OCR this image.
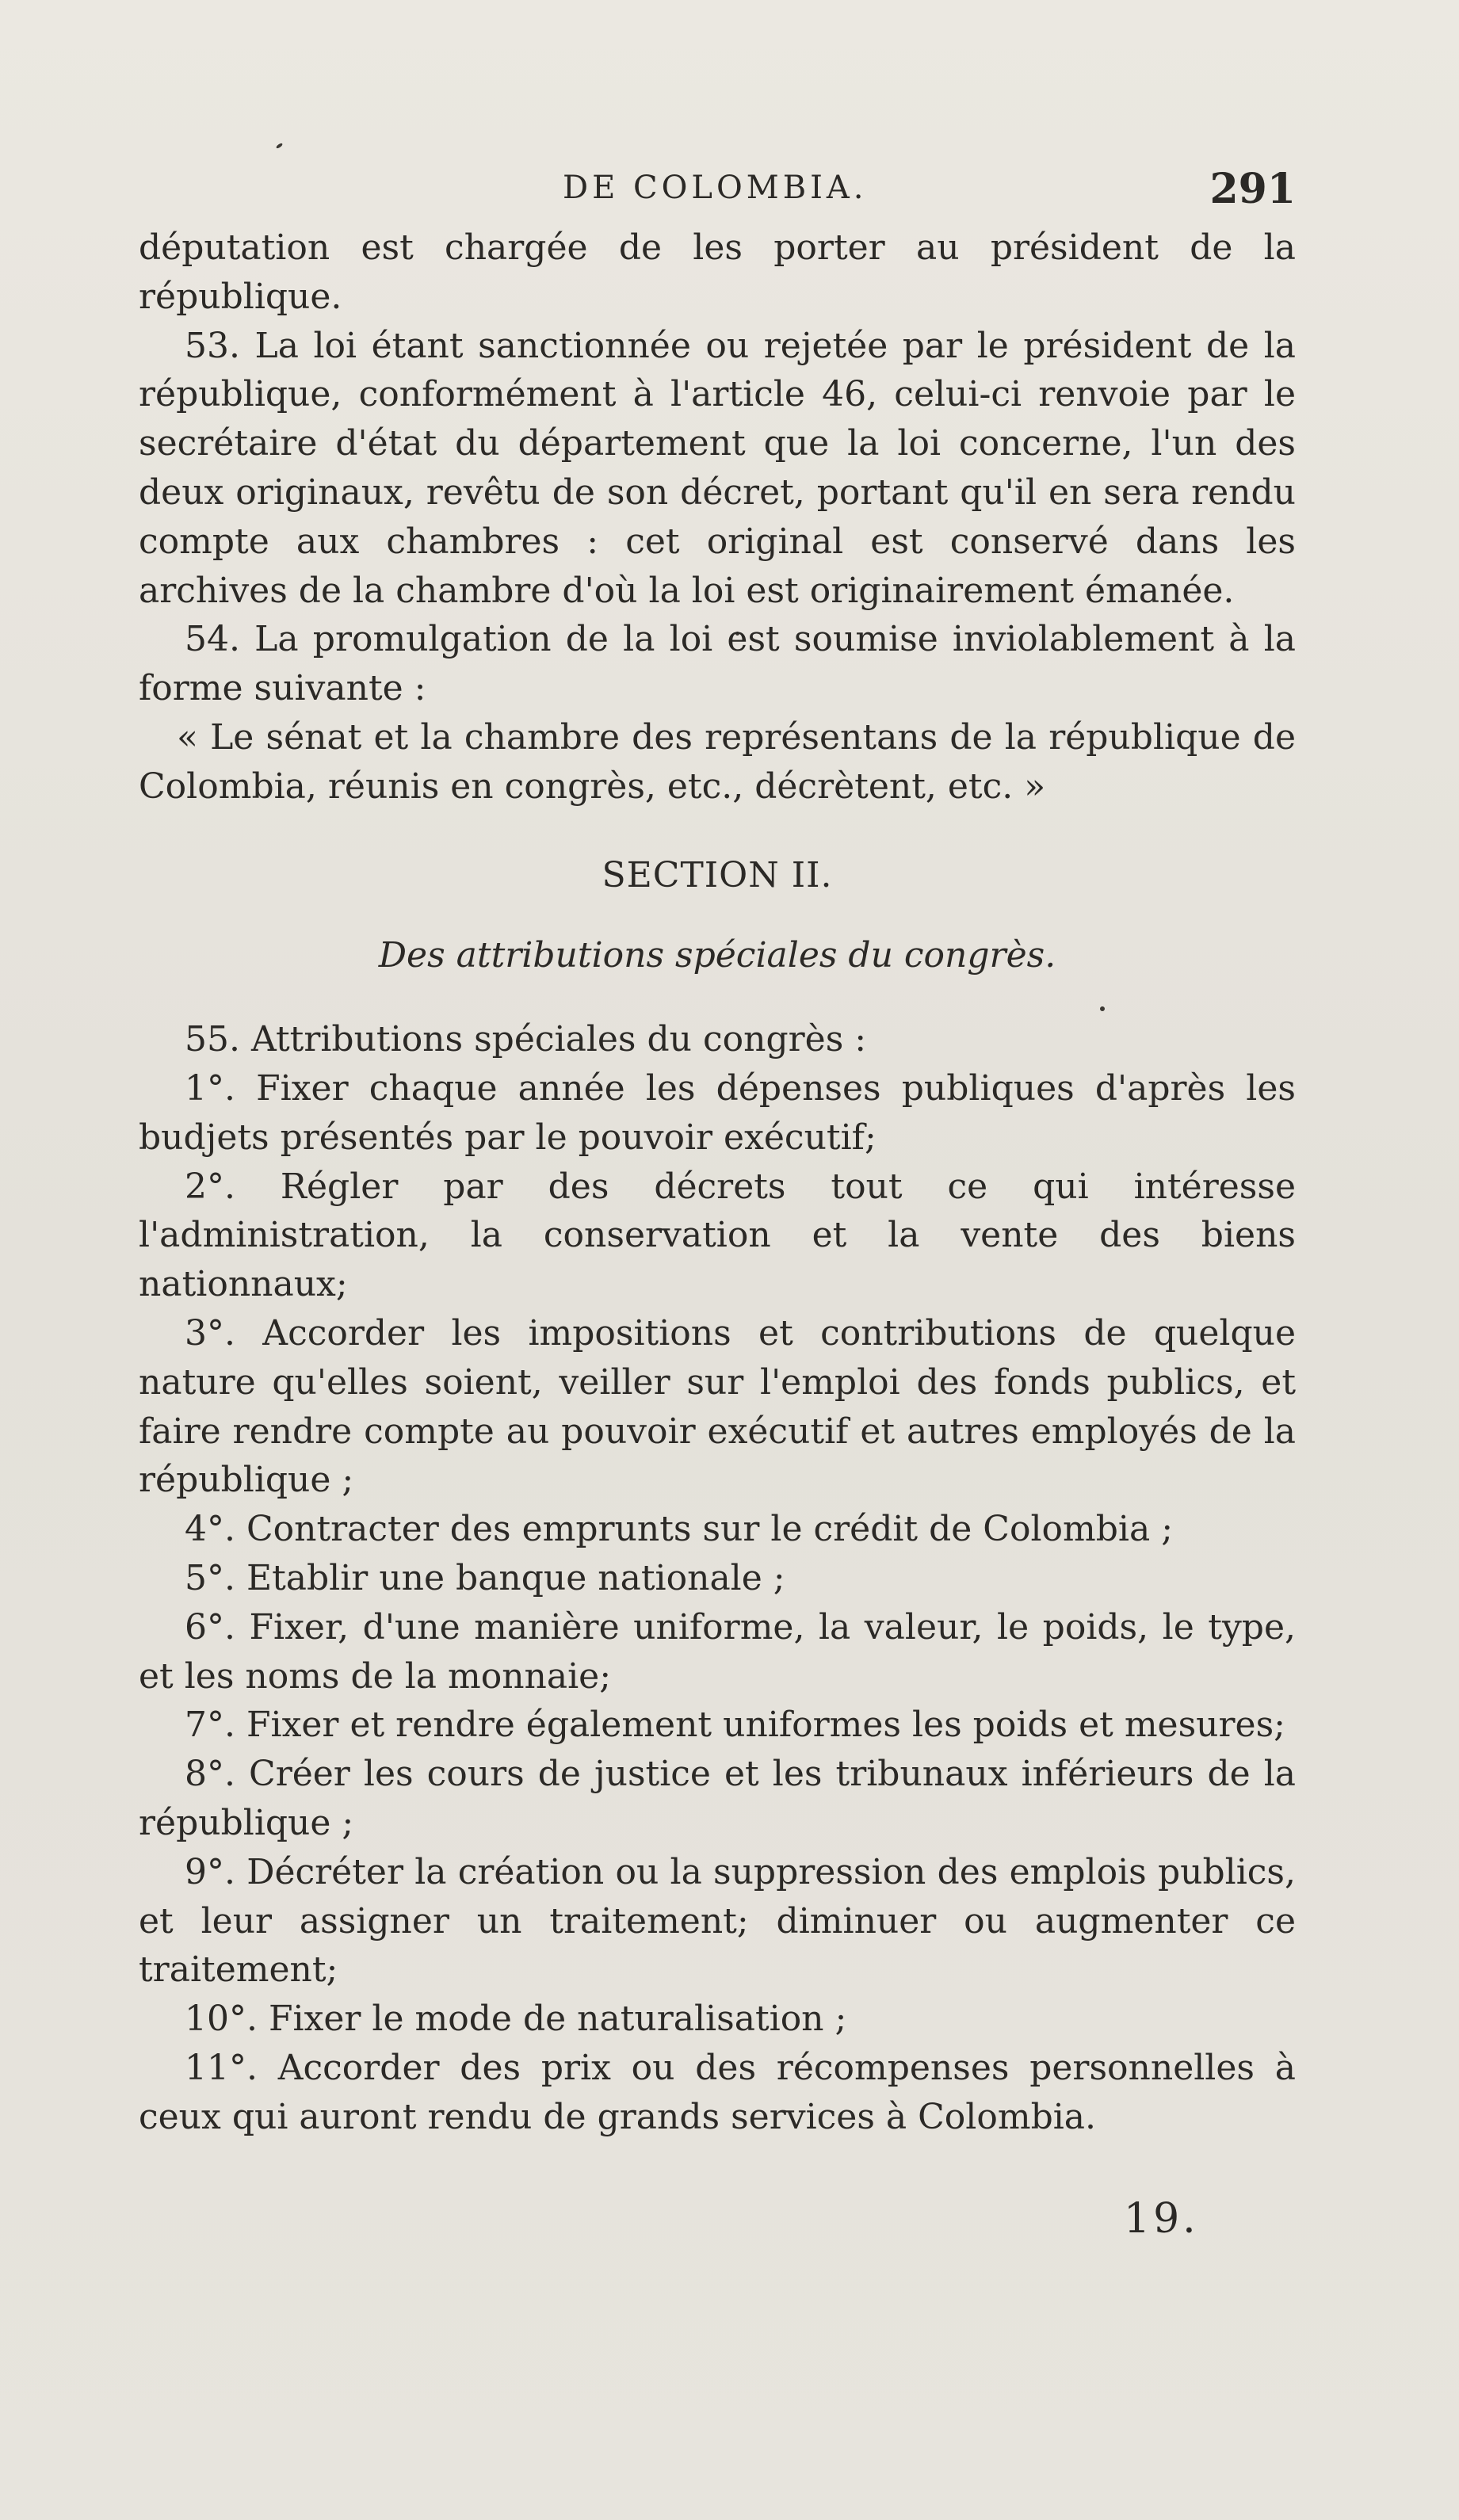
DE COLOMBIA.	291

députation est chargée de les porter au président de la république.

53. La loi étant sanctionnée ou rejetée par le président de la république, conformément à l'article 46, celui-ci renvoie par le secrétaire d'état du département que la loi concerne, l'un des deux originaux, revêtu de son décret, portant qu'il en sera rendu compte aux chambres : cet original est conservé dans les archives de la chambre d'où la loi est originairement émanée.

54. La promulgation de la loi est soumise inviolablement à la forme suivante :

« Le sénat et la chambre des représentans de la république de Colombia, réunis en congrès, etc., décrètent, etc. »

SECTION II.
Des attributions spéciales du congrès.

55. Attributions spéciales du congrès :

1°. Fixer chaque année les dépenses publiques d'après les budjets présentés par le pouvoir exécutif;

2°. Régler par des décrets tout ce qui intéresse l'administration, la conservation et la vente des biens nationnaux;

3°. Accorder les impositions et contributions de quelque nature qu'elles soient, veiller sur l'emploi des fonds publics, et faire rendre compte au pouvoir exécutif et autres employés de la république ;

4°. Contracter des emprunts sur le crédit de Colombia ;

5°. Etablir une banque nationale ;

6°. Fixer, d'une manière uniforme, la valeur, le poids, le type, et les noms de la monnaie;

7°. Fixer et rendre également uniformes les poids et mesures;

8°. Créer les cours de justice et les tribunaux inférieurs de la république ;

9°. Décréter la création ou la suppression des emplois publics, et leur assigner un traitement; diminuer ou augmenter ce traitement;

10°. Fixer le mode de naturalisation ;

11°. Accorder des prix ou des récompenses personnelles à ceux qui auront rendu de grands services à Colombia.

19.
